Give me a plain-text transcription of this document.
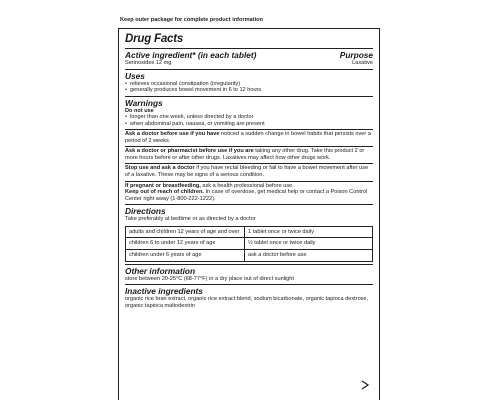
Keep outer package for complete product information
Drug Facts
Active ingredient* (in each tablet)	Purpose
Sennosides 12 mg	Laxative
Uses
• relieves occasional constipation (irregularity)
• generally produces bowel movement in 6 to 12 hours
Warnings
Do not use
• longer than one week, unless directed by a doctor
• when abdominal pain, nausea, or vomiting are present

Ask a doctor before use if you have noticed a sudden change in bowel habits that persists over a period of 2 weeks.

Ask a doctor or pharmacist before use if you are taking any other drug. Take this product 2 or more hours before or after other drugs. Laxatives may affect how other drugs work.

Stop use and ask a doctor if you have rectal bleeding or fail to have a bowel movement after use of a laxative. These may be signs of a serious condition.

If pregnant or breastfeeding, ask a health professional before use.

Keep out of reach of children. In case of overdose, get medical help or contact a Poison Control Center right away (1-800-222-1222).

Directions
Take preferably at bedtime or as directed by a doctor
adults and children 12 years of age and over	1 tablet once or twice daily
children 6 to under 12 years of age	½ tablet once or twice daily
children under 6 years of age	ask a doctor before use
Other information
store between 20-25°C (68-77°F) in a dry place out of direct sunlight
Inactive ingredients
organic rice bran extract, organic rice extract blend, sodium bicarbonate, organic tapioca dextrose, organic tapioca maltodextrin
